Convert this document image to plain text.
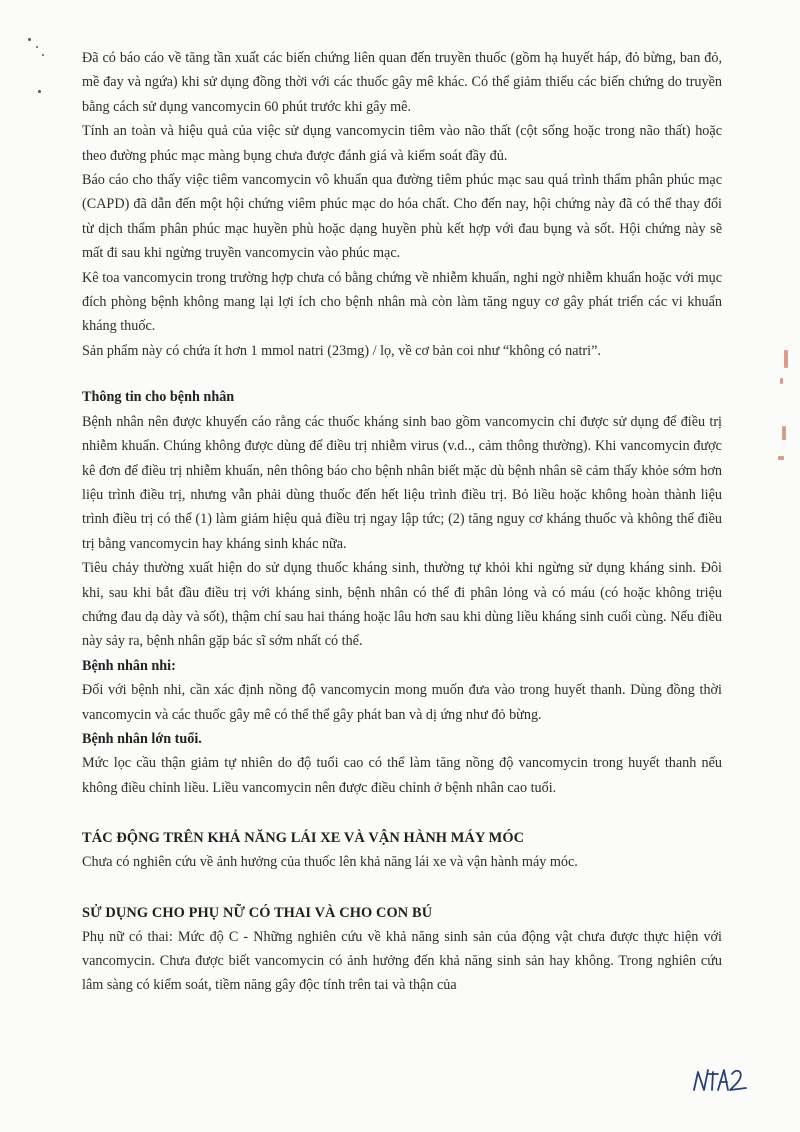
Đã có báo cáo về tăng tần xuất các biến chứng liên quan đến truyền thuốc (gồm hạ huyết háp, đỏ bừng, ban đỏ, mề đay và ngứa) khi sử dụng đồng thời với các thuốc gây mê khác. Có thể giảm thiểu các biến chứng do truyền bằng cách sử dụng vancomycin 60 phút trước khi gây mê.

Tính an toàn và hiệu quả của việc sử dụng vancomycin tiêm vào não thất (cột sống hoặc trong não thất) hoặc theo đường phúc mạc màng bụng chưa được đánh giá và kiểm soát đầy đủ.

Báo cáo cho thấy việc tiêm vancomycin vô khuẩn qua đường tiêm phúc mạc sau quá trình thẩm phân phúc mạc (CAPD) đã dẫn đến một hội chứng viêm phúc mạc do hóa chất. Cho đến nay, hội chứng này đã có thể thay đổi từ dịch thẩm phân phúc mạc huyền phù hoặc dạng huyền phù kết hợp với đau bụng và sốt. Hội chứng này sẽ mất đi sau khi ngừng truyền vancomycin vào phúc mạc.

Kê toa vancomycin trong trường hợp chưa có bằng chứng về nhiễm khuẩn, nghi ngờ nhiễm khuẩn hoặc với mục đích phòng bệnh không mang lại lợi ích cho bệnh nhân mà còn làm tăng nguy cơ gây phát triển các vi khuẩn kháng thuốc.

Sản phẩm này có chứa ít hơn 1 mmol natri (23mg) / lọ, về cơ bản coi như “không có natri”.

Thông tin cho bệnh nhân

Bệnh nhân nên được khuyến cáo rằng các thuốc kháng sinh bao gồm vancomycin chỉ được sử dụng để điều trị nhiễm khuẩn. Chúng không được dùng để điều trị nhiễm virus (v.d.., cảm thông thường). Khi vancomycin được kê đơn để điều trị nhiễm khuẩn, nên thông báo cho bệnh nhân biết mặc dù bệnh nhân sẽ cảm thấy khỏe sớm hơn liệu trình điều trị, nhưng vẫn phải dùng thuốc đến hết liệu trình điều trị. Bỏ liều hoặc không hoàn thành liệu trình điều trị có thể (1) làm giảm hiệu quả điều trị ngay lập tức; (2) tăng nguy cơ kháng thuốc và không thể điều trị bằng vancomycin hay kháng sinh khác nữa.

Tiêu chảy thường xuất hiện do sử dụng thuốc kháng sinh, thường tự khỏi khi ngừng sử dụng kháng sinh. Đôi khi, sau khi bắt đầu điều trị với kháng sinh, bệnh nhân có thể đi phân lỏng và có máu (có hoặc không triệu chứng đau dạ dày và sốt), thậm chí sau hai tháng hoặc lâu hơn sau khi dùng liều kháng sinh cuối cùng. Nếu điều này sảy ra, bệnh nhân gặp bác sĩ sớm nhất có thể.

Bệnh nhân nhi:

Đối với bệnh nhi, cần xác định nồng độ vancomycin mong muốn đưa vào trong huyết thanh. Dùng đồng thời vancomycin và các thuốc gây mê có thể thể gây phát ban và dị ứng như đỏ bừng.

Bệnh nhân lớn tuổi.

Mức lọc cầu thận giảm tự nhiên do độ tuổi cao có thể làm tăng nồng độ vancomycin trong huyết thanh nếu không điều chỉnh liều. Liều vancomycin nên được điều chỉnh ở bệnh nhân cao tuổi.

TÁC ĐỘNG TRÊN KHẢ NĂNG LÁI XE VÀ VẬN HÀNH MÁY MÓC

Chưa có nghiên cứu về ảnh hưởng của thuốc lên khả năng lái xe và vận hành máy móc.

SỬ DỤNG CHO PHỤ NỮ CÓ THAI VÀ CHO CON BÚ

Phụ nữ có thai: Mức độ C - Những nghiên cứu về khả năng sinh sản của động vật chưa được thực hiện với vancomycin. Chưa được biết vancomycin có ảnh hưởng đến khả năng sinh sản hay không. Trong nghiên cứu lâm sàng có kiểm soát, tiềm năng gây độc tính trên tai và thận của
